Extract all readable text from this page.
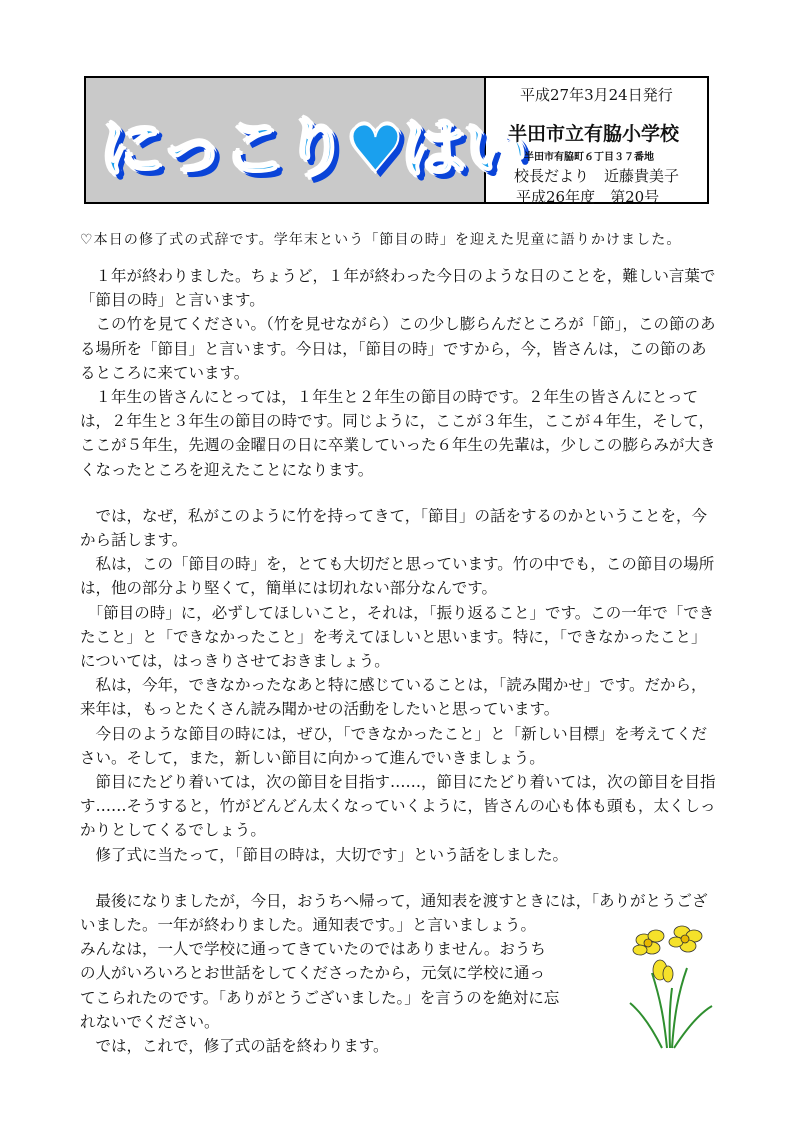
にっこり♥はい
平成27年3月24日発行
半田市立有脇小学校
半田市有脇町６丁目３７番地
校長だより　近藤貴美子
平成26年度　第20号
♡本日の修了式の式辞です。学年末という「節目の時」を迎えた児童に語りかけました。

　１年が終わりました。ちょうど，１年が終わった今日のような日のことを，難しい言葉で「節目の時」と言います。

　この竹を見てください。（竹を見せながら）この少し膨らんだところが「節」，この節のある場所を「節目」と言います。今日は，「節目の時」ですから，今，皆さんは，この節のあるところに来ています。

　１年生の皆さんにとっては，１年生と２年生の節目の時です。２年生の皆さんにとっては，２年生と３年生の節目の時です。同じように，ここが３年生，ここが４年生，そして，ここが５年生，先週の金曜日の日に卒業していった６年生の先輩は，少しこの膨らみが大きくなったところを迎えたことになります。

　では，なぜ，私がこのように竹を持ってきて，「節目」の話をするのかということを，今から話します。

　私は，この「節目の時」を，とても大切だと思っています。竹の中でも，この節目の場所は，他の部分より堅くて，簡単には切れない部分なんです。

　「節目の時」に，必ずしてほしいこと，それは，「振り返ること」です。この一年で「できたこと」と「できなかったこと」を考えてほしいと思います。特に，「できなかったこと」については，はっきりさせておきましょう。

　私は，今年，できなかったなあと特に感じていることは，「読み聞かせ」です。だから，来年は，もっとたくさん読み聞かせの活動をしたいと思っています。

　今日のような節目の時には，ぜひ，「できなかったこと」と「新しい目標」を考えてください。そして，また，新しい節目に向かって進んでいきましょう。

　節目にたどり着いては，次の節目を目指す……，節目にたどり着いては，次の節目を目指す……そうすると，竹がどんどん太くなっていくように，皆さんの心も体も頭も，太くしっかりとしてくるでしょう。

　修了式に当たって，「節目の時は，大切です」という話をしました。

　最後になりましたが，今日，おうちへ帰って，通知表を渡すときには，「ありがとうございました。一年が終わりました。通知表です。」と言いましょう。

みんなは，一人で学校に通ってきていたのではありません。おうちの人がいろいろとお世話をしてくださったから，元気に学校に通ってこられたのです。「ありがとうございました。」を言うのを絶対に忘れないでください。

　では，これで，修了式の話を終わります。
